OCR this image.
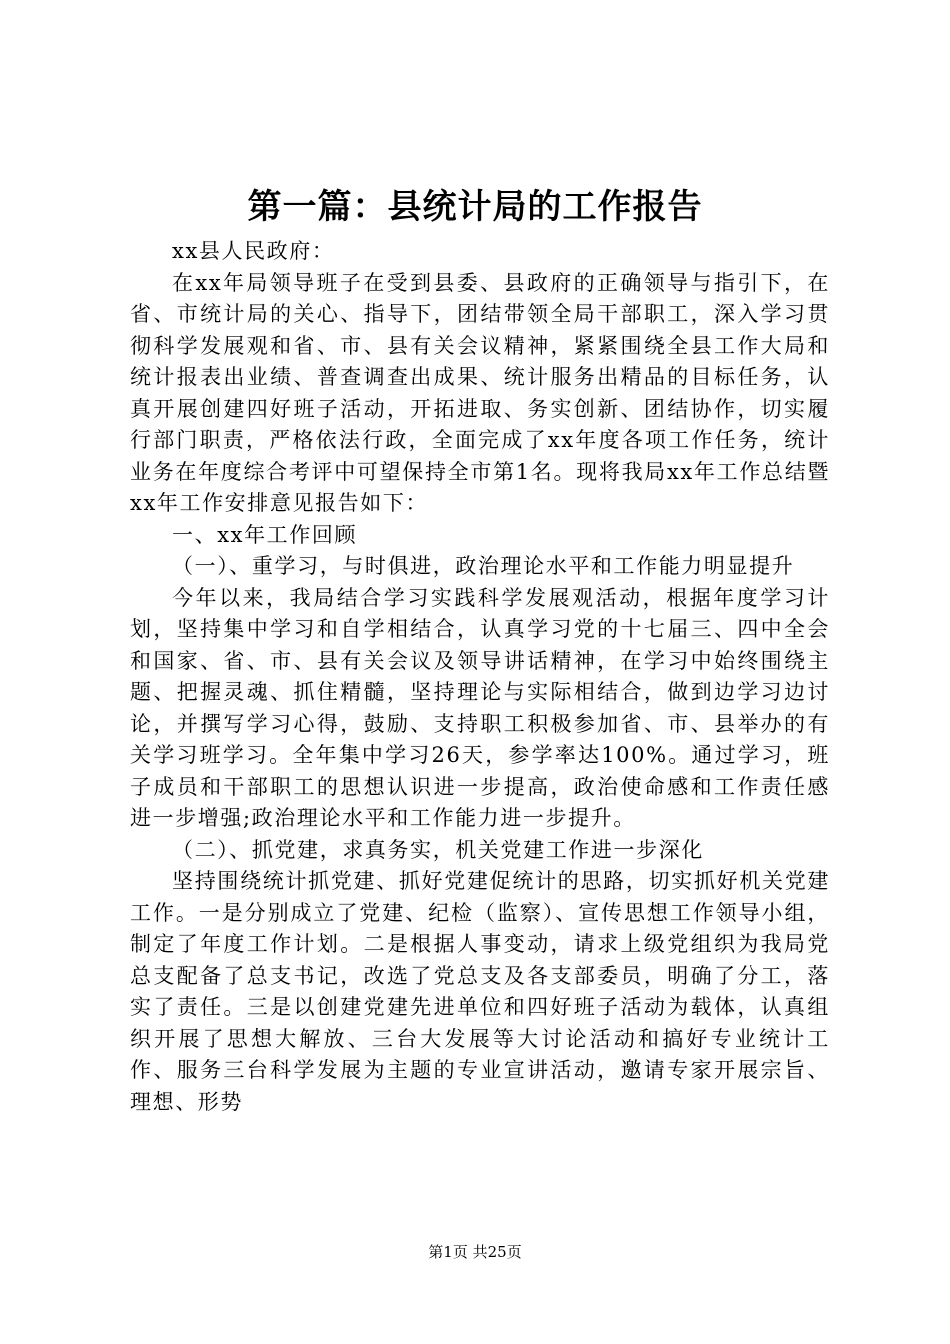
第一篇：县统计局的工作报告

xx县人民政府：

在xx年局领导班子在受到县委、县政府的正确领导与指引下，在省、市统计局的关心、指导下，团结带领全局干部职工，深入学习贯彻科学发展观和省、市、县有关会议精神，紧紧围绕全县工作大局和统计报表出业绩、普查调查出成果、统计服务出精品的目标任务，认真开展创建四好班子活动，开拓进取、务实创新、团结协作，切实履行部门职责，严格依法行政，全面完成了xx年度各项工作任务，统计业务在年度综合考评中可望保持全市第1名。现将我局xx年工作总结暨xx年工作安排意见报告如下：

一、xx年工作回顾

（一）、重学习，与时俱进，政治理论水平和工作能力明显提升

今年以来，我局结合学习实践科学发展观活动，根据年度学习计划，坚持集中学习和自学相结合，认真学习党的十七届三、四中全会和国家、省、市、县有关会议及领导讲话精神，在学习中始终围绕主题、把握灵魂、抓住精髓，坚持理论与实际相结合，做到边学习边讨论，并撰写学习心得，鼓励、支持职工积极参加省、市、县举办的有关学习班学习。全年集中学习26天，参学率达100%。通过学习，班子成员和干部职工的思想认识进一步提高，政治使命感和工作责任感进一步增强;政治理论水平和工作能力进一步提升。

（二）、抓党建，求真务实，机关党建工作进一步深化

坚持围绕统计抓党建、抓好党建促统计的思路，切实抓好机关党建工作。一是分别成立了党建、纪检（监察）、宣传思想工作领导小组，制定了年度工作计划。二是根据人事变动，请求上级党组织为我局党总支配备了总支书记，改选了党总支及各支部委员，明确了分工，落实了责任。三是以创建党建先进单位和四好班子活动为载体，认真组织开展了思想大解放、三台大发展等大讨论活动和搞好专业统计工作、服务三台科学发展为主题的专业宣讲活动，邀请专家开展宗旨、理想、形势

第1页 共25页
